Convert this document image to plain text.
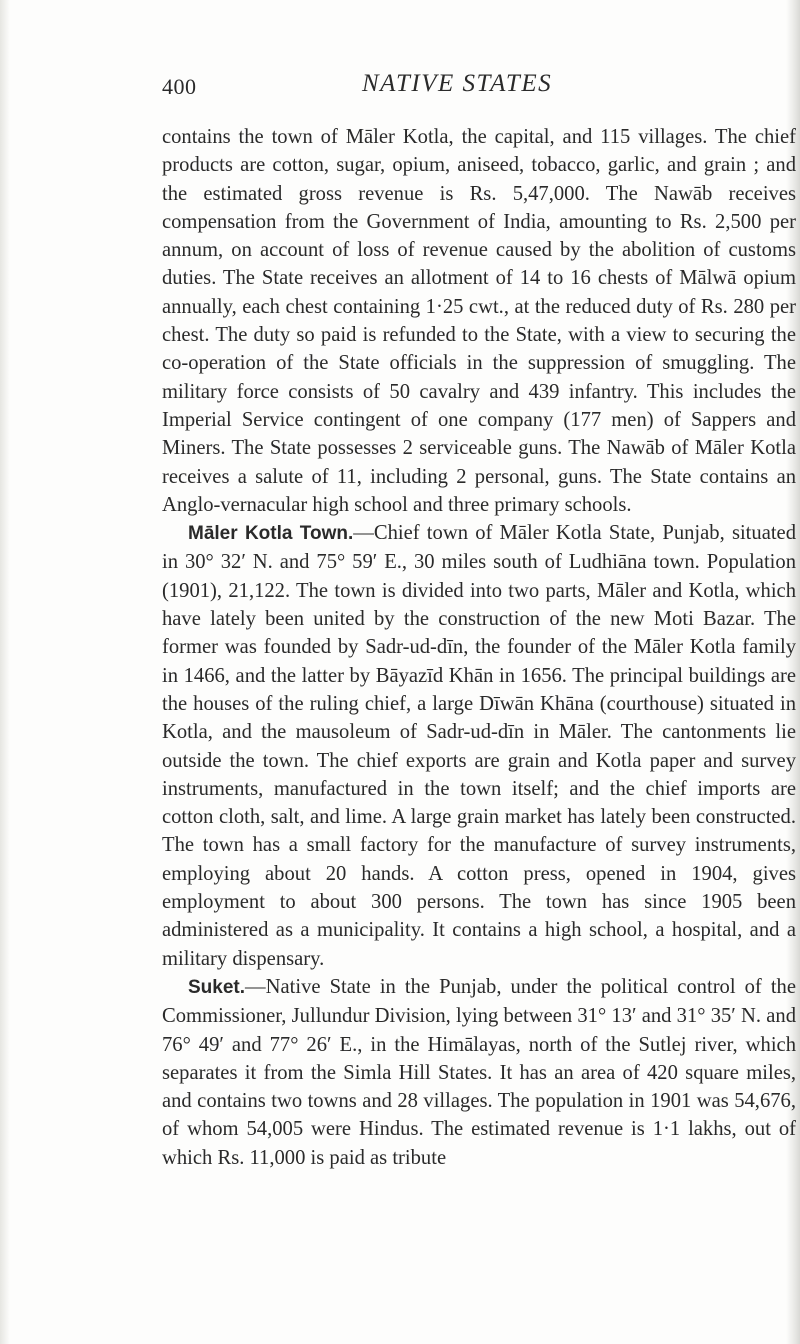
400	NATIVE STATES

contains the town of Māler Kotla, the capital, and 115 villages. The chief products are cotton, sugar, opium, aniseed, tobacco, garlic, and grain ; and the estimated gross revenue is Rs. 5,47,000. The Nawāb receives compensation from the Government of India, amounting to Rs. 2,500 per annum, on account of loss of revenue caused by the abolition of customs duties. The State receives an allotment of 14 to 16 chests of Mālwā opium annually, each chest containing 1·25 cwt., at the reduced duty of Rs. 280 per chest. The duty so paid is refunded to the State, with a view to securing the co-operation of the State officials in the suppression of smuggling. The military force consists of 50 cavalry and 439 infantry. This includes the Imperial Service contingent of one company (177 men) of Sappers and Miners. The State possesses 2 serviceable guns. The Nawāb of Māler Kotla receives a salute of 11, including 2 personal, guns. The State contains an Anglo-vernacular high school and three primary schools.

Māler Kotla Town.—Chief town of Māler Kotla State, Punjab, situated in 30° 32′ N. and 75° 59′ E., 30 miles south of Ludhiāna town. Population (1901), 21,122. The town is divided into two parts, Māler and Kotla, which have lately been united by the construction of the new Moti Bazar. The former was founded by Sadr-ud-dīn, the founder of the Māler Kotla family in 1466, and the latter by Bāyazīd Khān in 1656. The principal buildings are the houses of the ruling chief, a large Dīwān Khāna (courthouse) situated in Kotla, and the mausoleum of Sadr-ud-dīn in Māler. The cantonments lie outside the town. The chief exports are grain and Kotla paper and survey instruments, manufactured in the town itself; and the chief imports are cotton cloth, salt, and lime. A large grain market has lately been constructed. The town has a small factory for the manufacture of survey instruments, employing about 20 hands. A cotton press, opened in 1904, gives employment to about 300 persons. The town has since 1905 been administered as a municipality. It contains a high school, a hospital, and a military dispensary.

Suket.—Native State in the Punjab, under the political control of the Commissioner, Jullundur Division, lying between 31° 13′ and 31° 35′ N. and 76° 49′ and 77° 26′ E., in the Himālayas, north of the Sutlej river, which separates it from the Simla Hill States. It has an area of 420 square miles, and contains two towns and 28 villages. The population in 1901 was 54,676, of whom 54,005 were Hindus. The estimated revenue is 1·1 lakhs, out of which Rs. 11,000 is paid as tribute
